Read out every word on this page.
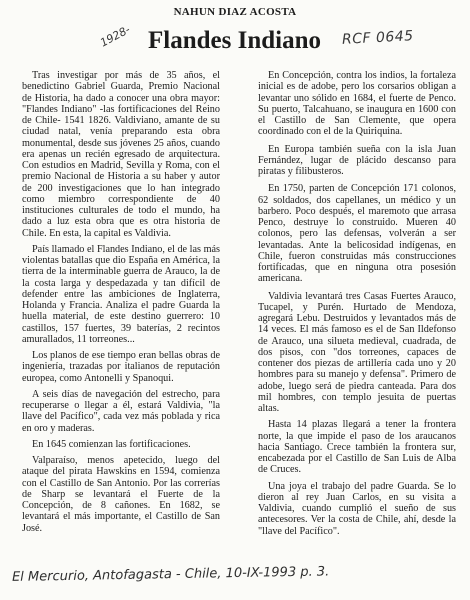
NAHUN DIAZ ACOSTA
1928- Flandes Indiano RCF 0645

Tras investigar por más de 35 años, el benedictino Gabriel Guarda, Premio Nacional de Historia, ha dado a conocer una obra mayor: "Flandes Indiano" -las fortificaciones del Reino de Chile- 1541 1826. Valdiviano, amante de su ciudad natal, venía preparando esta obra monumental, desde sus jóvenes 25 años, cuando era apenas un recién egresado de arquitectura. Con estudios en Madrid, Sevilla y Roma, con el premio Nacional de Historia a su haber y autor de 200 investigaciones que lo han integrado como miembro correspondiente de 40 instituciones culturales de todo el mundo, ha dado a luz esta obra que es otra historia de Chile. En esta, la capital es Valdivia.

País llamado el Flandes Indiano, el de las más violentas batallas que dio España en América, la tierra de la interminable guerra de Arauco, la de la costa larga y despedazada y tan difícil de defender entre las ambiciones de Inglaterra, Holanda y Francia. Analiza el padre Guarda la huella material, de este destino guerrero: 10 castillos, 157 fuertes, 39 baterías, 2 recintos amurallados, 11 torreones...

Los planos de ese tiempo eran bellas obras de ingeniería, trazadas por italianos de reputación europea, como Antonelli y Spanoqui.

A seis días de navegación del estrecho, para recuperarse o llegar a él, estará Valdivia, "la llave del Pacífico", cada vez más poblada y rica en oro y maderas.

En 1645 comienzan las fortificaciones.

Valparaíso, menos apetecido, luego del ataque del pirata Hawskins en 1594, comienza con el Castillo de San Antonio. Por las correrías de Sharp se levantará el Fuerte de la Concepción, de 8 cañones. En 1682, se levantará el más importante, el Castillo de San José.

En Concepción, contra los indios, la fortaleza inicial es de adobe, pero los corsarios obligan a levantar uno sólido en 1684, el fuerte de Penco. Su puerto, Talcahuano, se inaugura en 1600 con el Castillo de San Clemente, que opera coordinado con el de la Quiriquina.

En Europa también sueña con la isla Juan Fernández, lugar de plácido descanso para piratas y filibusteros.

En 1750, parten de Concepción 171 colonos, 62 soldados, dos capellanes, un médico y un barbero. Poco después, el maremoto que arrasa Penco, destruye lo construido. Mueren 40 colonos, pero las defensas, volverán a ser levantadas. Ante la belicosidad indígenas, en Chile, fueron construidas más construcciones fortificadas, que en ninguna otra posesión americana.

Valdivia levantará tres Casas Fuertes Arauco, Tucapel, y Purén. Hurtado de Mendoza, agregará Lebu. Destruidos y levantados más de 14 veces. El más famoso es el de San Ildefonso de Arauco, una silueta medieval, cuadrada, de dos pisos, con "dos torreones, capaces de contener dos piezas de artillería cada uno y 20 hombres para su manejo y defensa". Primero de adobe, luego será de piedra canteada. Para dos mil hombres, con templo jesuita de puertas altas.

Hasta 14 plazas llegará a tener la frontera norte, la que impide el paso de los araucanos hacia Santiago. Crece también la frontera sur, encabezada por el Castillo de San Luis de Alba de Cruces.

Una joya el trabajo del padre Guarda. Se lo dieron al rey Juan Carlos, en su visita a Valdivia, cuando cumplió el sueño de sus antecesores. Ver la costa de Chile, ahí, desde la "llave del Pacífico".

El Mercurio, Antofagasta - Chile, 10-IX-1993 p. 3.
